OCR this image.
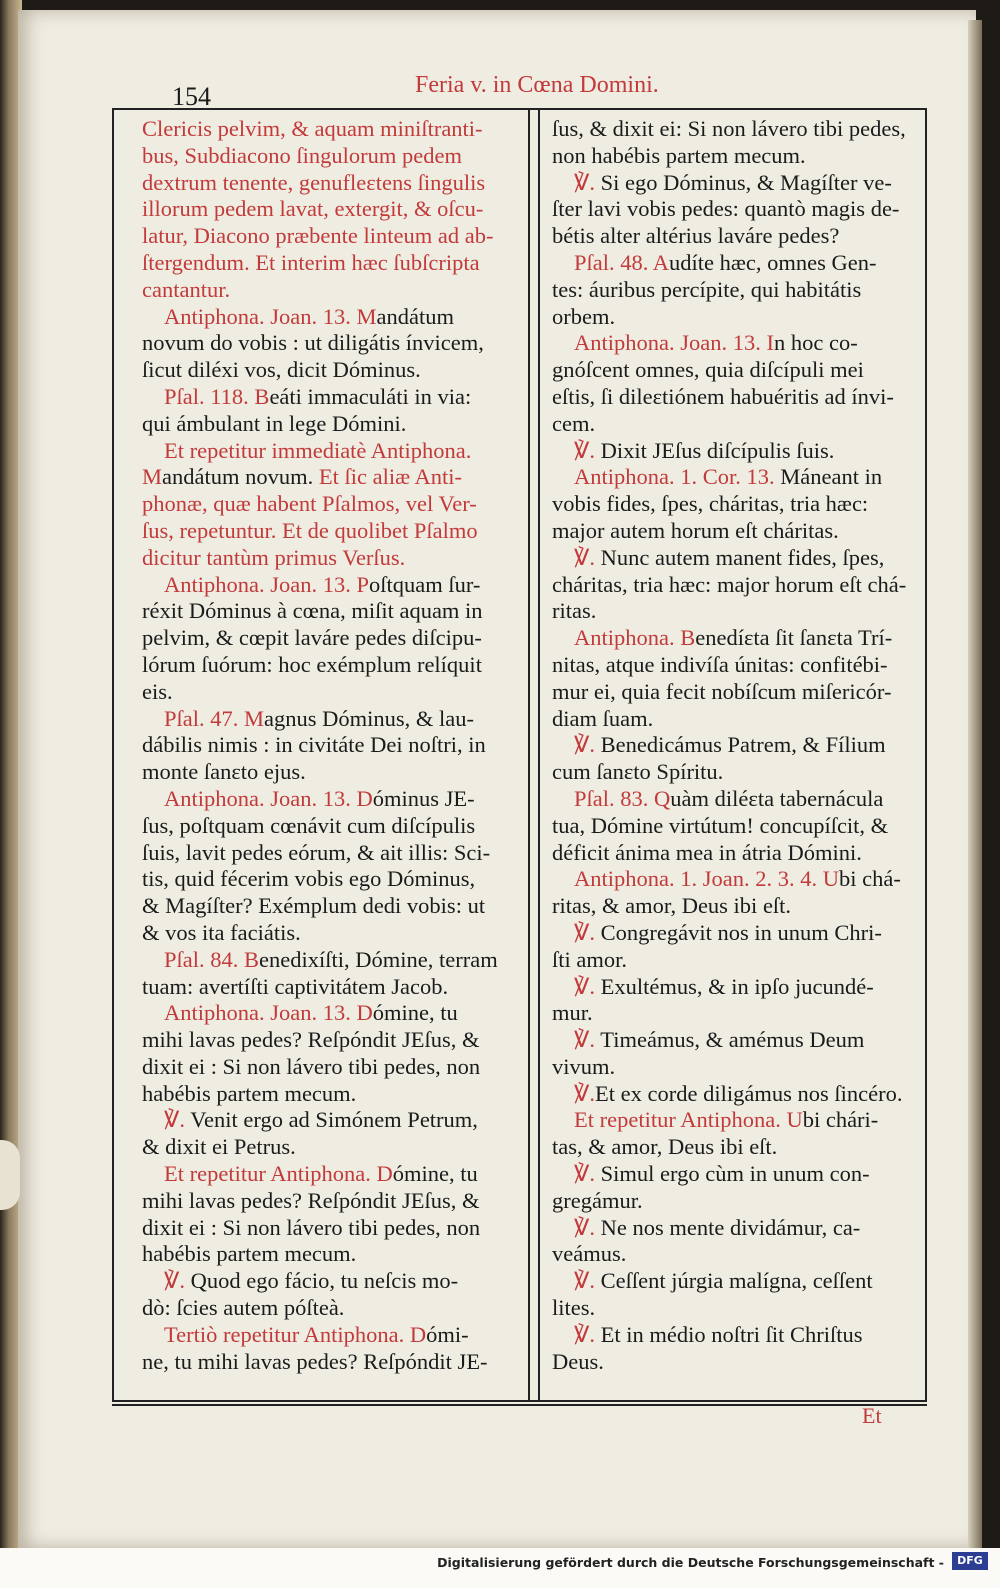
154	Feria v. in Cœna Domini.
Clericis pelvim, & aquam miniſtranti-
bus, Subdiacono ſingulorum pedem
dextrum tenente, genufleɛtens ſingulis
illorum pedem lavat, extergit, & oſcu-
latur, Diacono præbente linteum ad ab-
ſtergendum. Et interim hæc ſubſcripta
cantantur.
Antiphona. Joan. 13. Mandátum
novum do vobis : ut diligátis ínvicem,
ſicut diléxi vos, dicit Dóminus.
Pſal. 118. Beáti immaculáti in via:
qui ámbulant in lege Dómini.
Et repetitur immediatè Antiphona.
Mandátum novum. Et ſic aliæ Anti-
phonæ, quæ habent Pſalmos, vel Ver-
ſus, repetuntur. Et de quolibet Pſalmo
dicitur tantùm primus Verſus.
Antiphona. Joan. 13. Poſtquam ſur-
réxit Dóminus à cœna, miſit aquam in
pelvim, & cœpit laváre pedes diſcipu-
lórum ſuórum: hoc exémplum relíquit
eis.
Pſal. 47. Magnus Dóminus, & lau-
dábilis nimis : in civitáte Dei noſtri, in
monte ſanɛto ejus.
Antiphona. Joan. 13. Dóminus JE-
ſus, poſtquam cœnávit cum diſcípulis
ſuis, lavit pedes eórum, & ait illis: Sci-
tis, quid fécerim vobis ego Dóminus,
& Magíſter? Exémplum dedi vobis: ut
& vos ita faciátis.
Pſal. 84. Benedixíſti, Dómine, terram
tuam: avertíſti captivitátem Jacob.
Antiphona. Joan. 13. Dómine, tu
mihi lavas pedes? Reſpóndit JEſus, &
dixit ei : Si non lávero tibi pedes, non
habébis partem mecum.
℣. Venit ergo ad Simónem Petrum,
& dixit ei Petrus.
Et repetitur Antiphona. Dómine, tu
mihi lavas pedes? Reſpóndit JEſus, &
dixit ei : Si non lávero tibi pedes, non
habébis partem mecum.
℣. Quod ego fácio, tu neſcis mo-
dò: ſcies autem póſteà.
Tertiò repetitur Antiphona. Dómi-
ne, tu mihi lavas pedes? Reſpóndit JE-
ſus, & dixit ei: Si non lávero tibi pedes,
non habébis partem mecum.
℣. Si ego Dóminus, & Magíſter ve-
ſter lavi vobis pedes: quantò magis de-
bétis alter altérius laváre pedes?
Pſal. 48. Audíte hæc, omnes Gen-
tes: áuribus percípite, qui habitátis
orbem.
Antiphona. Joan. 13. In hoc co-
gnóſcent omnes, quia diſcípuli mei
eſtis, ſi dileɛtiónem habuéritis ad ínvi-
cem.
℣. Dixit JEſus diſcípulis ſuis.
Antiphona. 1. Cor. 13. Máneant in
vobis fides, ſpes, cháritas, tria hæc:
major autem horum eſt cháritas.
℣. Nunc autem manent fides, ſpes,
cháritas, tria hæc: major horum eſt chá-
ritas.
Antiphona. Benedíɛta ſit ſanɛta Trí-
nitas, atque indivíſa únitas: confitébi-
mur ei, quia fecit nobíſcum miſericór-
diam ſuam.
℣. Benedicámus Patrem, & Fílium
cum ſanɛto Spíritu.
Pſal. 83. Quàm diléɛta tabernácula
tua, Dómine virtútum! concupíſcit, &
déficit ánima mea in átria Dómini.
Antiphona. 1. Joan. 2. 3. 4. Ubi chá-
ritas, & amor, Deus ibi eſt.
℣. Congregávit nos in unum Chri-
ſti amor.
℣. Exultémus, & in ipſo jucundé-
mur.
℣. Timeámus, & amémus Deum
vivum.
℣.Et ex corde diligámus nos ſincéro.
Et repetitur Antiphona. Ubi chári-
tas, & amor, Deus ibi eſt.
℣. Simul ergo cùm in unum con-
gregámur.
℣. Ne nos mente dividámur, ca-
veámus.
℣. Ceſſent júrgia malígna, ceſſent
lites.
℣. Et in médio noſtri ſit Chriſtus
Deus.
Et
Digitalisierung gefördert durch die Deutsche Forschungsgemeinschaft -	DFG
